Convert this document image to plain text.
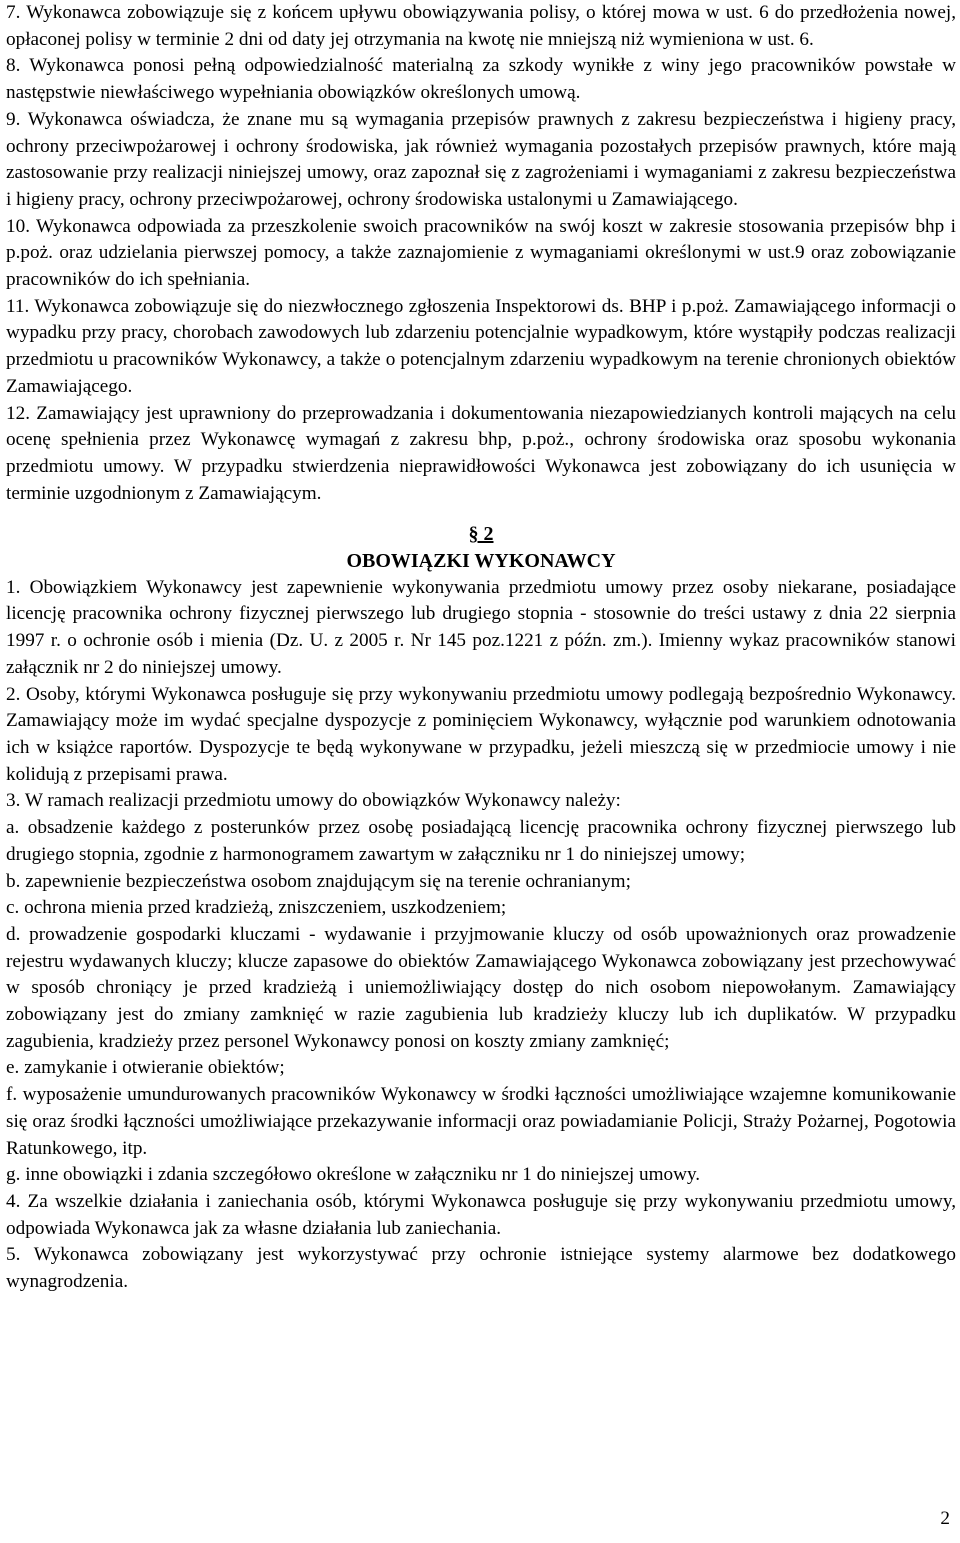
7. Wykonawca zobowiązuje się z końcem upływu obowiązywania polisy, o której mowa w ust. 6 do przedłożenia nowej, opłaconej polisy w terminie 2 dni od daty jej otrzymania na kwotę nie mniejszą niż wymieniona w ust. 6.

8. Wykonawca ponosi pełną odpowiedzialność materialną za szkody wynikłe z winy jego pracowników powstałe w następstwie niewłaściwego wypełniania obowiązków określonych umową.

9. Wykonawca oświadcza, że znane mu są wymagania przepisów prawnych z zakresu bezpieczeństwa i higieny pracy, ochrony przeciwpożarowej i ochrony środowiska, jak również wymagania pozostałych przepisów prawnych, które mają zastosowanie przy realizacji niniejszej umowy, oraz zapoznał się z zagrożeniami i wymaganiami z zakresu bezpieczeństwa i higieny pracy, ochrony przeciwpożarowej, ochrony środowiska ustalonymi u Zamawiającego.

10. Wykonawca odpowiada za przeszkolenie swoich pracowników na swój koszt w zakresie stosowania przepisów bhp i p.poż. oraz udzielania pierwszej pomocy, a także zaznajomienie z wymaganiami określonymi w ust.9 oraz zobowiązanie pracowników do ich spełniania.

11. Wykonawca zobowiązuje się do niezwłocznego zgłoszenia Inspektorowi ds. BHP i p.poż. Zamawiającego informacji o wypadku przy pracy, chorobach zawodowych lub zdarzeniu potencjalnie wypadkowym, które wystąpiły podczas realizacji przedmiotu u pracowników Wykonawcy, a także o potencjalnym zdarzeniu wypadkowym na terenie chronionych obiektów Zamawiającego.

12. Zamawiający jest uprawniony do przeprowadzania i dokumentowania niezapowiedzianych kontroli mających na celu ocenę spełnienia przez Wykonawcę wymagań z zakresu bhp, p.poż., ochrony środowiska oraz sposobu wykonania przedmiotu umowy. W przypadku stwierdzenia nieprawidłowości Wykonawca jest zobowiązany do ich usunięcia w terminie uzgodnionym z Zamawiającym.

§ 2
OBOWIĄZKI WYKONAWCY

1. Obowiązkiem Wykonawcy jest zapewnienie wykonywania przedmiotu umowy przez osoby niekarane, posiadające licencję pracownika ochrony fizycznej pierwszego lub drugiego stopnia - stosownie do treści ustawy z dnia 22 sierpnia 1997 r. o ochronie osób i mienia (Dz. U. z 2005 r. Nr 145 poz.1221 z późn. zm.). Imienny wykaz pracowników stanowi załącznik nr 2 do niniejszej umowy.

2. Osoby, którymi Wykonawca posługuje się przy wykonywaniu przedmiotu umowy podlegają bezpośrednio Wykonawcy. Zamawiający może im wydać specjalne dyspozycje z pominięciem Wykonawcy, wyłącznie pod warunkiem odnotowania ich w książce raportów. Dyspozycje te będą wykonywane w przypadku, jeżeli mieszczą się w przedmiocie umowy i nie kolidują z przepisami prawa.

3. W ramach realizacji przedmiotu umowy do obowiązków Wykonawcy należy:

a. obsadzenie każdego z posterunków przez osobę posiadającą licencję pracownika ochrony fizycznej pierwszego lub drugiego stopnia, zgodnie z harmonogramem zawartym w załączniku nr 1 do niniejszej umowy;

b. zapewnienie bezpieczeństwa osobom znajdującym się na terenie ochranianym;

c. ochrona mienia przed kradzieżą, zniszczeniem, uszkodzeniem;

d. prowadzenie gospodarki kluczami - wydawanie i przyjmowanie kluczy od osób upoważnionych oraz prowadzenie rejestru wydawanych kluczy; klucze zapasowe do obiektów Zamawiającego Wykonawca zobowiązany jest przechowywać w sposób chroniący je przed kradzieżą i uniemożliwiający dostęp do nich osobom niepowołanym. Zamawiający zobowiązany jest do zmiany zamknięć w razie zagubienia lub kradzieży kluczy lub ich duplikatów. W przypadku zagubienia, kradzieży przez personel Wykonawcy ponosi on koszty zmiany zamknięć;

e. zamykanie i otwieranie obiektów;

f. wyposażenie umundurowanych pracowników Wykonawcy w środki łączności umożliwiające wzajemne komunikowanie się oraz środki łączności umożliwiające przekazywanie informacji oraz powiadamianie Policji, Straży Pożarnej, Pogotowia Ratunkowego, itp.

g. inne obowiązki i zdania szczegółowo określone w załączniku nr 1 do niniejszej umowy.

4. Za wszelkie działania i zaniechania osób, którymi Wykonawca posługuje się przy wykonywaniu przedmiotu umowy, odpowiada Wykonawca jak za własne działania lub zaniechania.

5. Wykonawca zobowiązany jest wykorzystywać przy ochronie istniejące systemy alarmowe bez dodatkowego wynagrodzenia.

2
